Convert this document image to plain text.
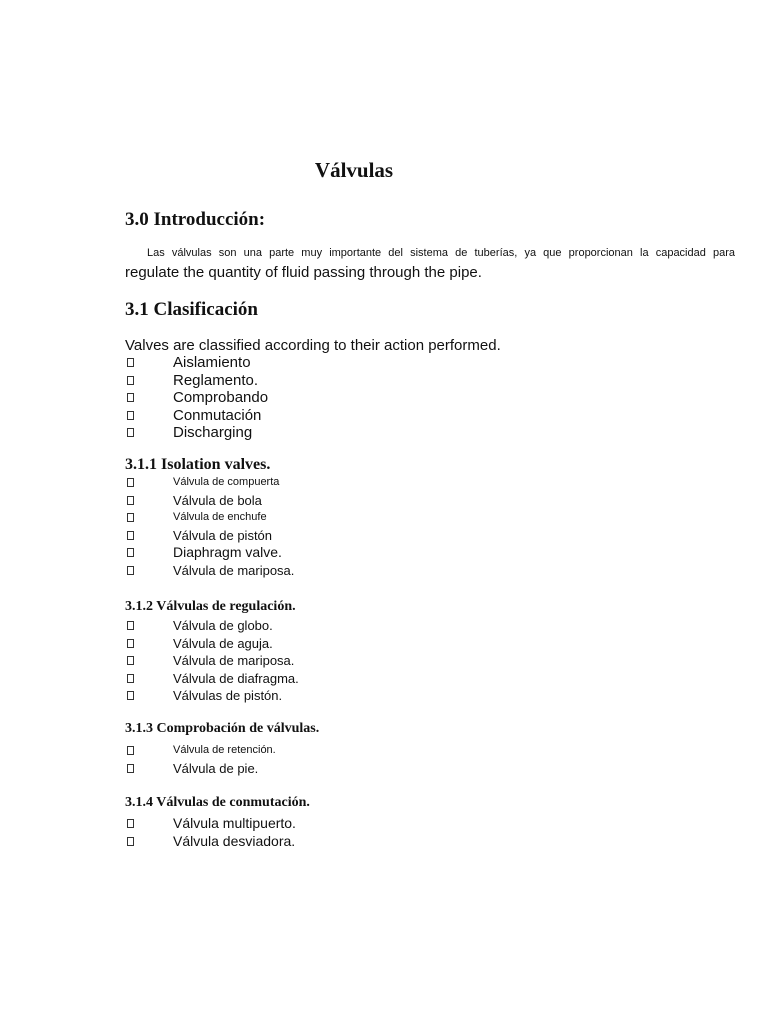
Válvulas
3.0 Introducción:
Las válvulas son una parte muy importante del sistema de tuberías, ya que proporcionan la capacidad para
regulate the quantity of fluid passing through the pipe.
3.1 Clasificación
Valves are classified according to their action performed.
Aislamiento
Reglamento.
Comprobando
Conmutación
Discharging
3.1.1 Isolation valves.
Válvula de compuerta
Válvula de bola
Válvula de enchufe
Válvula de pistón
Diaphragm valve.
Válvula de mariposa.
3.1.2 Válvulas de regulación.
Válvula de globo.
Válvula de aguja.
Válvula de mariposa.
Válvula de diafragma.
Válvulas de pistón.
3.1.3 Comprobación de válvulas.
Válvula de retención.
Válvula de pie.
3.1.4 Válvulas de conmutación.
Válvula multipuerto.
Válvula desviadora.
